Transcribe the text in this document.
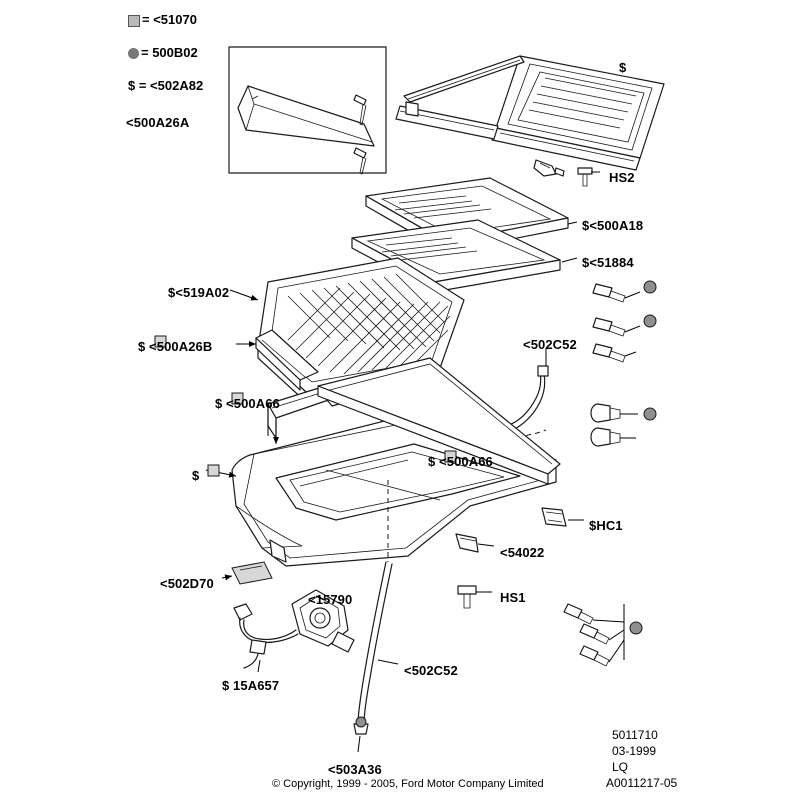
= <51070
= 500B02
$ = <502A82
<500A26A
$
HS2
$<500A18
$<51884
$<519A02
$ <500A26B	<502C52
$ <500A66
$ <500A66
$
$HC1
<54022
<502D70
<15790	HS1
$ 15A657
<502C52
<503A36
5011710
03-1999
LQ
A0011217-05
© Copyright, 1999 - 2005, Ford Motor Company Limited
